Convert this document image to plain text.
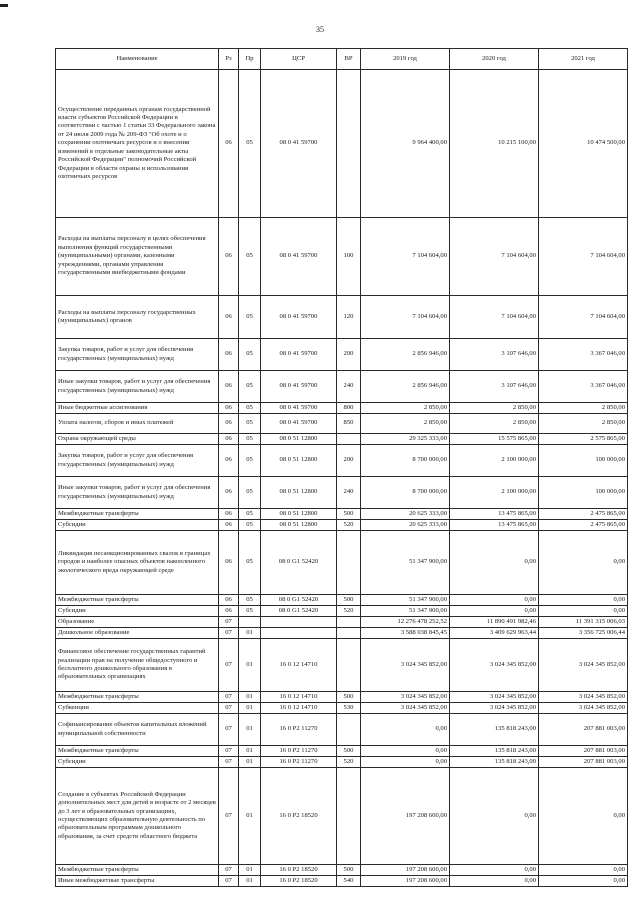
35
Наименование	Рз	Пр	ЦСР	ВР	2019 год	2020 год	2021 год
Осуществление переданных органам государственной власти субъектов Российской Федерации в соответствии с частью 1 статьи 33 Федерального закона от 24 июля 2009 года № 209-ФЗ "Об охоте и о сохранении охотничьих ресурсов и о внесении изменений в отдельные законодательные акты Российской Федерации" полномочий Российской Федерации в области охраны и использования охотничьих ресурсов	06	05	08 0 41 59700		9 964 400,00	10 215 100,00	10 474 500,00
Расходы на выплаты персоналу в целях обеспечения выполнения функций государственными (муниципальными) органами, казенными учреждениями, органами управления государственными внебюджетными фондами	06	05	08 0 41 59700	100	7 104 604,00	7 104 604,00	7 104 604,00
Расходы на выплаты персоналу государственных (муниципальных) органов	06	05	08 0 41 59700	120	7 104 604,00	7 104 604,00	7 104 604,00
Закупка товаров, работ и услуг для обеспечения государственных (муниципальных) нужд	06	05	08 0 41 59700	200	2 856 946,00	3 107 646,00	3 367 046,00
Иные закупки товаров, работ и услуг для обеспечения государственных (муниципальных) нужд	06	05	08 0 41 59700	240	2 856 946,00	3 107 646,00	3 367 046,00
Иные бюджетные ассигнования	06	05	08 0 41 59700	800	2 850,00	2 850,00	2 850,00
Уплата налогов, сборов и иных платежей	06	05	08 0 41 59700	850	2 850,00	2 850,00	2 850,00
Охрана окружающей среды	06	05	08 0 51 12800		29 325 333,00	15 575 865,00	2 575 865,00
Закупка товаров, работ и услуг для обеспечения государственных (муниципальных) нужд	06	05	08 0 51 12800	200	8 700 000,00	2 100 000,00	100 000,00
Иные закупки товаров, работ и услуг для обеспечения государственных (муниципальных) нужд	06	05	08 0 51 12800	240	8 700 000,00	2 100 000,00	100 000,00
Межбюджетные трансферты	06	05	08 0 51 12800	500	20 625 333,00	13 475 865,00	2 475 865,00
Субсидии	06	05	08 0 51 12800	520	20 625 333,00	13 475 865,00	2 475 865,00
Ликвидация несанкционированных свалок в границах городов и наиболее опасных объектов накопленного экологического вреда окружающей среде	06	05	08 0 G1 52420		51 347 900,00	0,00	0,00
Межбюджетные трансферты	06	05	08 0 G1 52420	500	51 347 900,00	0,00	0,00
Субсидии	06	05	08 0 G1 52420	520	51 347 900,00	0,00	0,00
Образование	07				12 276 478 252,52	11 890 491 982,46	11 391 315 006,03
Дошкольное образование	07	01			3 588 038 845,45	3 409 629 963,44	3 356 725 006,44
Финансовое обеспечение государственных гарантий реализации прав на получение общедоступного и бесплатного дошкольного образования в образовательных организациях	07	01	16 0 12 14710		3 024 345 852,00	3 024 345 852,00	3 024 345 852,00
Межбюджетные трансферты	07	01	16 0 12 14710	500	3 024 345 852,00	3 024 345 852,00	3 024 345 852,00
Субвенции	07	01	16 0 12 14710	530	3 024 345 852,00	3 024 345 852,00	3 024 345 852,00
Софинансирование объектов капитальных вложений муниципальной собственности	07	01	16 0 P2 11270		0,00	135 818 243,00	207 881 003,00
Межбюджетные трансферты	07	01	16 0 P2 11270	500	0,00	135 818 243,00	207 881 003,00
Субсидии	07	01	16 0 P2 11270	520	0,00	135 818 243,00	207 881 003,00
Создание в субъектах Российской Федерации дополнительных мест для детей в возрасте от 2 месяцев до 3 лет в образовательных организациях, осуществляющих образовательную деятельность по образовательным программам дошкольного образования, за счет средств областного бюджета	07	01	16 0 P2 18520		197 208 600,00	0,00	0,00
Межбюджетные трансферты	07	01	16 0 P2 18520	500	197 208 600,00	0,00	0,00
Иные межбюджетные трансферты	07	01	16 0 P2 18520	540	197 208 600,00	0,00	0,00
